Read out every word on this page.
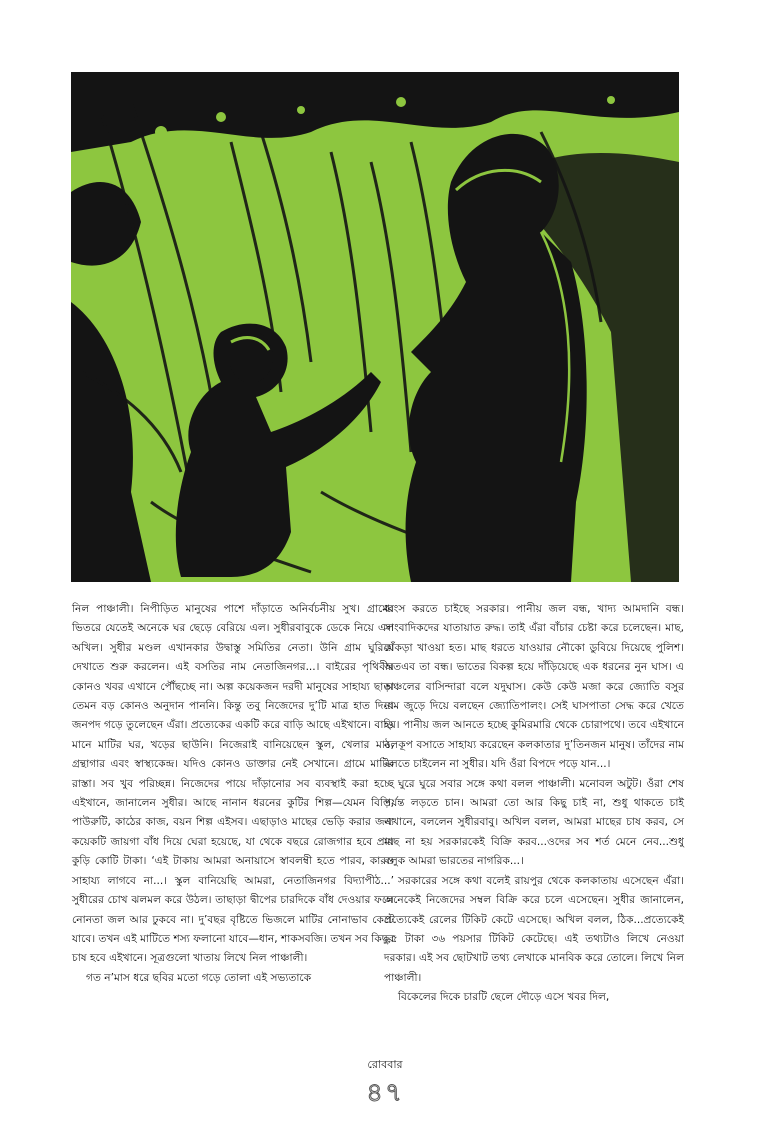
নিল পাঞ্চালী। নিপীড়িত মানুষের পাশে দাঁড়াতে অনির্বচনীয় সুখ। গ্রামের ভিতরে যেতেই অনেকে ঘর ছেড়ে বেরিয়ে এল। সুধীরবাবুকে ডেকে নিয়ে এল অখিল। সুধীর মণ্ডল এখানকার উদ্বাস্তু সমিতির নেতা। উনি গ্রাম ঘুরিয়ে দেখাতে শুরু করলেন। এই বসতির নাম নেতাজিনগর...। বাইরের পৃথিবীর কোনও খবর এখানে পৌঁছচ্ছে না। অল্প কয়েকজন দরদী মানুষের সাহায্য ছাড়া তেমন বড় কোনও অনুদান পাননি। কিন্তু তবু নিজেদের দু’টি মাত্র হাত দিয়ে জনপদ গড়ে তুলেছেন এঁরা। প্রত্যেকের একটি করে বাড়ি আছে এইখানে। বাড়ি মানে মাটির ঘর, খড়ের ছাউনি। নিজেরাই বানিয়েছেন স্কুল, খেলার মাঠ, গ্রন্থাগার এবং স্বাস্থ্যকেন্দ্র। যদিও কোনও ডাক্তার নেই সেখানে। গ্রামে মাটির রাস্তা। সব খুব পরিচ্ছন্ন। নিজেদের পায়ে দাঁড়ানোর সব ব্যবস্থাই করা হচ্ছে এইখানে, জানালেন সুধীর। আছে নানান ধরনের কুটির শিল্প—যেমন বিড়ি, পাউরুটি, কাঠের কাজ, বয়ন শিল্প এইসব। এছাড়াও মাছের ভেড়ি করার জন্য কয়েকটি জায়গা বাঁধ দিয়ে ঘেরা হয়েছে, যা থেকে বছরে রোজগার হবে প্রায় কুড়ি কোটি টাকা। ‘এই টাকায় আমরা অনায়াসে স্বাবলম্বী হতে পারব, কারও সাহায্য লাগবে না...। স্কুল বানিয়েছি আমরা, নেতাজিনগর বিদ্যাপীঠ...’ সুধীরের চোখ ঝলমল করে উঠল। তাছাড়া দ্বীপের চারদিকে বাঁধ দেওয়ার ফলে নোনতা জল আর ঢুকবে না। দু’বছর বৃষ্টিতে ভিজলে মাটির নোনাভাব কেটে যাবে। তখন এই মাটিতে শস্য ফলানো যাবে—ধান, শাকসবজি। তখন সব কিছুর চাষ হবে এইখানে। সূত্রগুলো খাতায় লিখে নিল পাঞ্চালী।

গত ন’মাস ধরে ছবির মতো গড়ে তোলা এই সভ্যতাকে

ধ্বংস করতে চাইছে সরকার। পানীয় জল বন্ধ, খাদ্য আমদানি বন্ধ। সাংবাদিকদের যাতায়াত রুদ্ধ। তাই এঁরা বাঁচার চেষ্টা করে চলেছেন। মাছ, কাঁকড়া খাওয়া হত। মাছ ধরতে যাওয়ার নৌকো ডুবিয়ে দিয়েছে পুলিশ। অতএব তা বন্ধ। ভাতের বিকল্প হয়ে দাঁড়িয়েছে এক ধরনের নুন ঘাস। এ অঞ্চলের বাসিন্দারা বলে যদুঘাস। কেউ কেউ মজা করে জ্যোতি বসুর নাম জুড়ে দিয়ে বলছেন জ্যোতিপালং। সেই ঘাসপাতা সেদ্ধ করে খেতে হয়। পানীয় জল আনতে হচ্ছে কুমিরমারি থেকে চোরাপথে। তবে এইখানে নলকূপ বসাতে সাহায্য করেছেন কলকাতার দু’তিনজন মানুষ। তাঁদের নাম বলতে চাইলেন না সুধীর। যদি ওঁরা বিপদে পড়ে যান...।

ঘুরে ঘুরে সবার সঙ্গে কথা বলল পাঞ্চালী। মনোবল অটুট। ওঁরা শেষ পর্যন্ত লড়তে চান। আমরা তো আর কিছু চাই না, শুধু থাকতে চাই এখানে, বললেন সুধীরবাবু। অখিল বলল, আমরা মাছের চাষ করব, সে মাছ না হয় সরকারকেই বিক্রি করব...ওদের সব শর্ত মেনে নেব...শুধু বলুক আমরা ভারতের নাগরিক...।

সরকারের সঙ্গে কথা বলেই রায়পুর থেকে কলকাতায় এসেছেন এঁরা। অনেকেই নিজেদের সম্বল বিক্রি করে চলে এসেছেন। সুধীর জানালেন, প্রত্যেকেই রেলের টিকিট কেটে এসেছে। অখিল বলল, ঠিক...প্রত্যেকেই ২৫ টাকা ৩৬ পয়সার টিকিট কেটেছে। এই তথ্যটাও লিখে নেওয়া দরকার। এই সব ছোটখাট তথ্য লেখাকে মানবিক করে তোলে। লিখে নিল পাঞ্চালী।

বিকেলের দিকে চারটি ছেলে দৌড়ে এসে খবর দিল,

রোববার
৪৭
